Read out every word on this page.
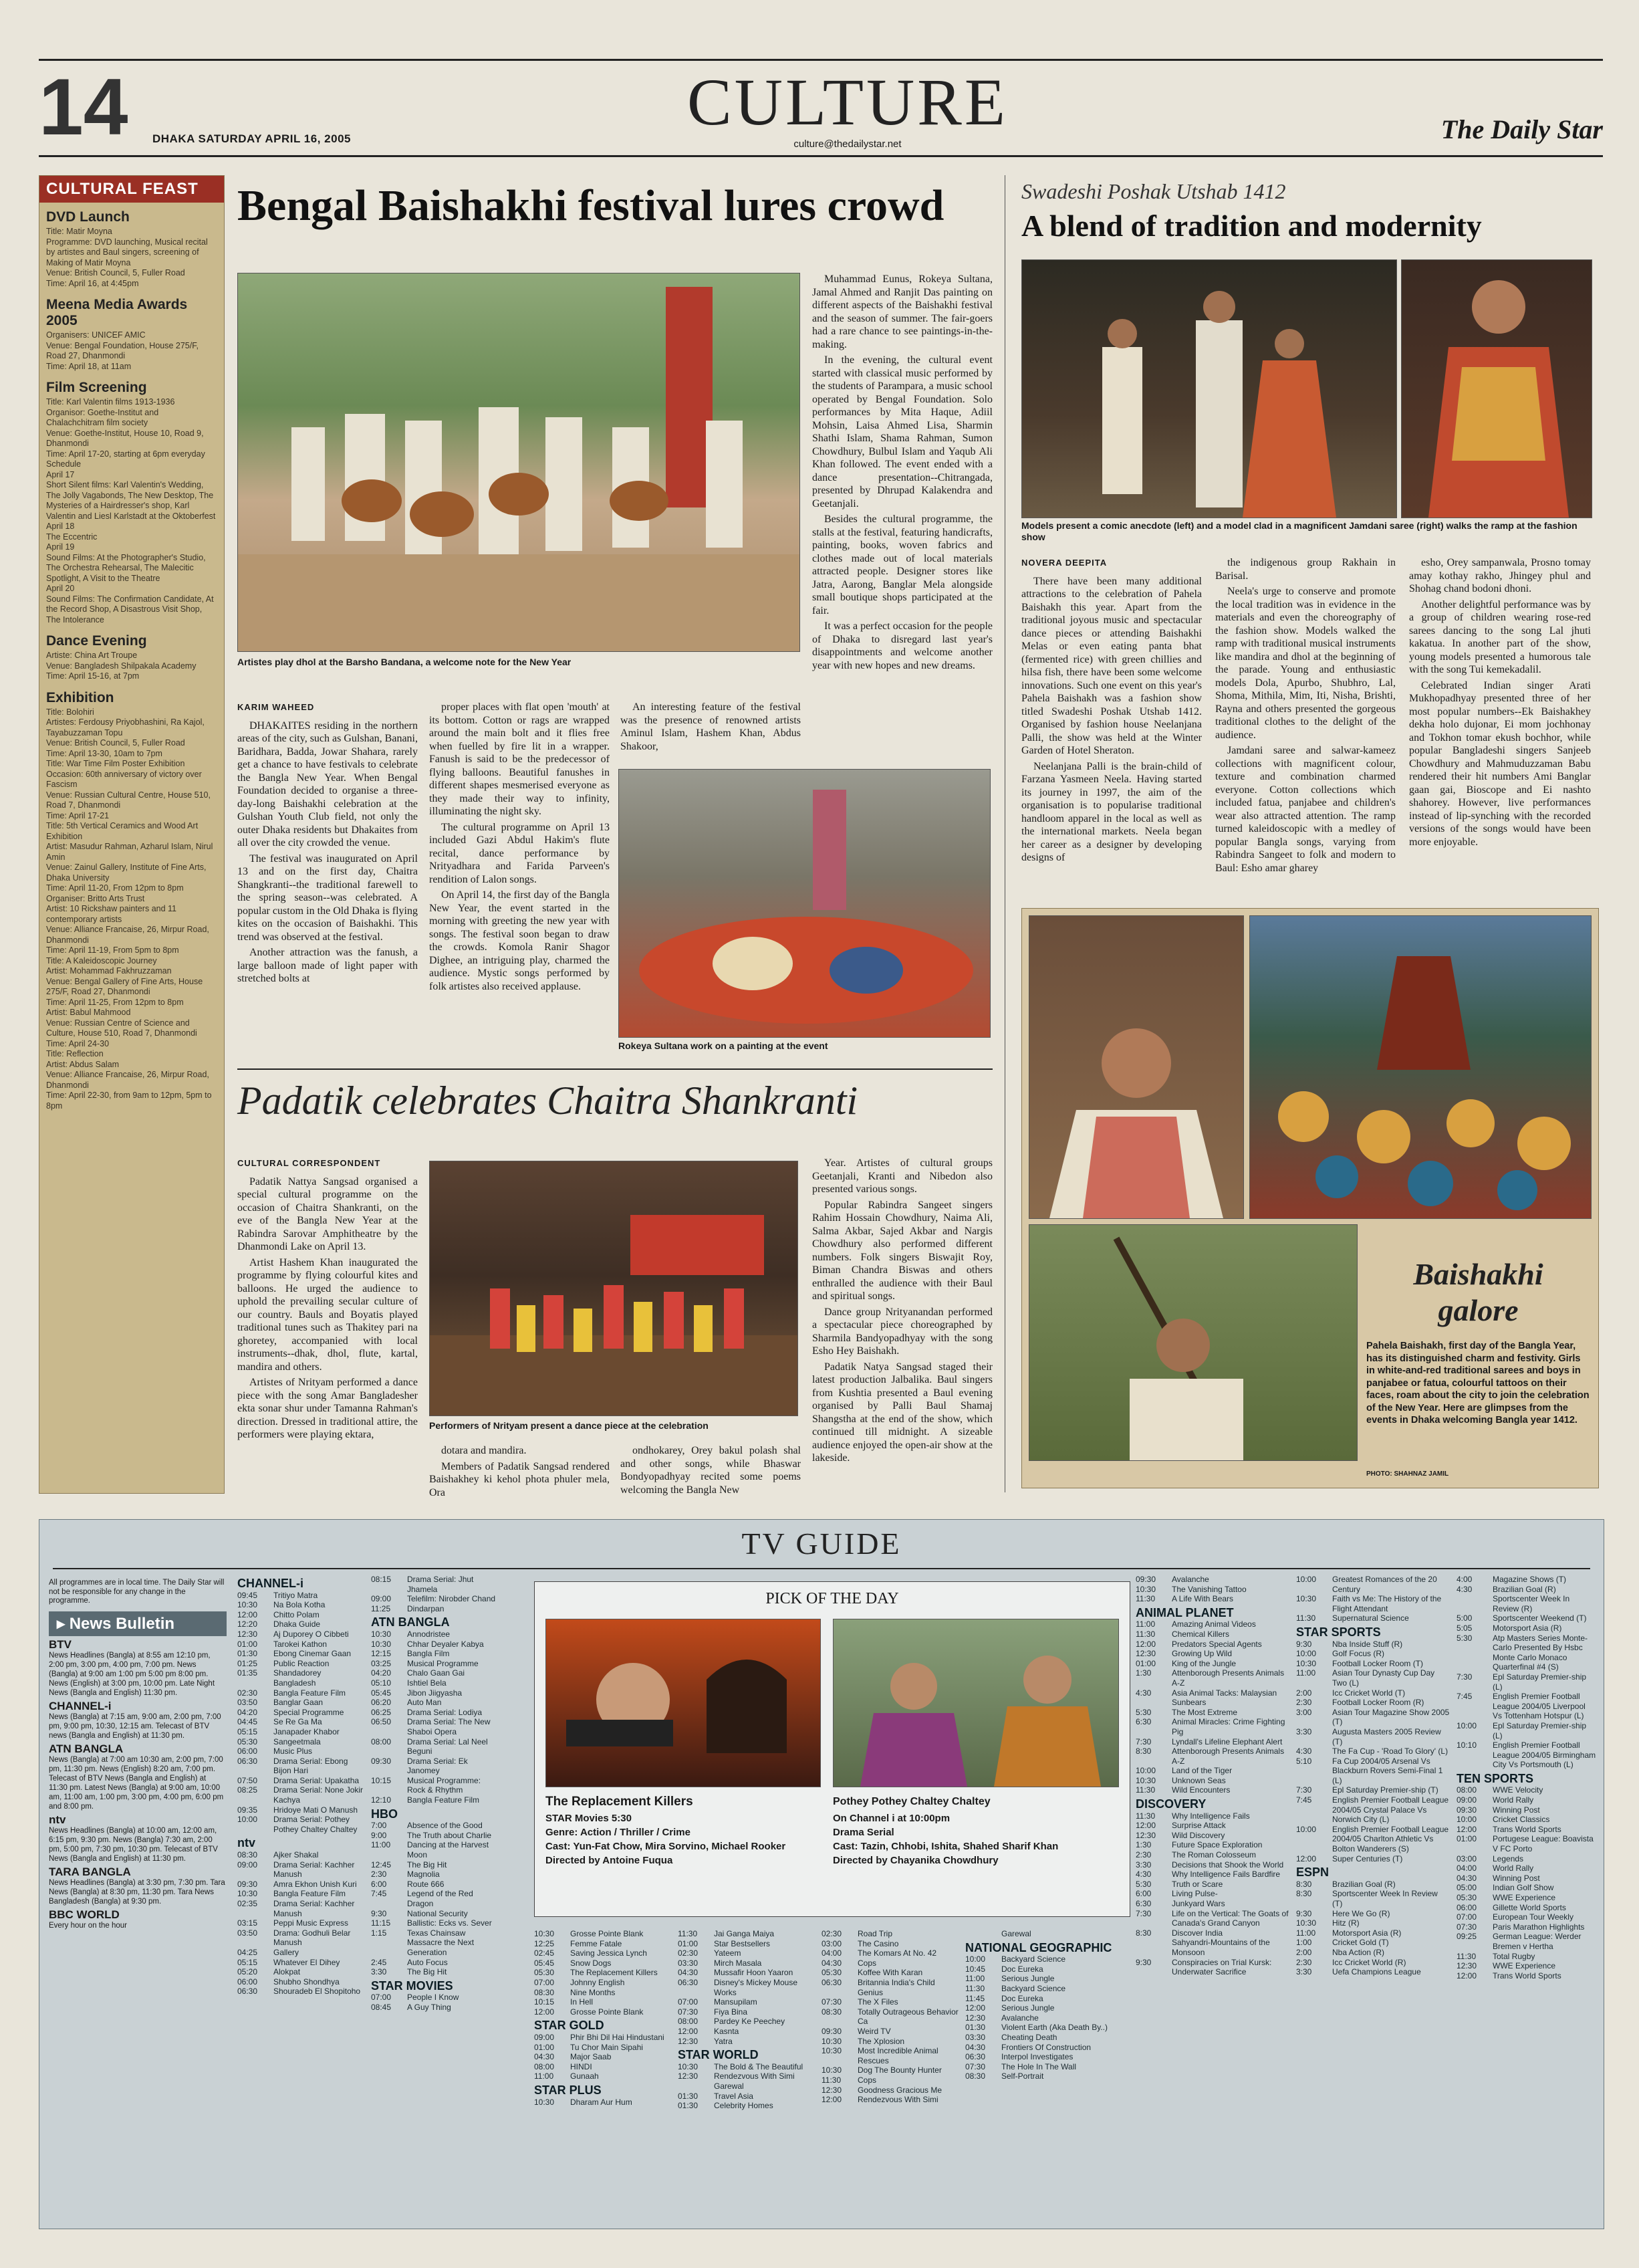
14 DHAKA SATURDAY APRIL 16, 2005	CULTURE
culture@thedailystar.net	The Daily Star
CULTURAL FEAST
DVD Launch
Title: Matir Moyna
Programme: DVD launching, Musical recital by artistes and Baul singers, screening of Making of Matir Moyna
Venue: British Council, 5, Fuller Road
Time: April 16, at 4:45pm
Meena Media Awards 2005
Organisers: UNICEF AMIC
Venue: Bengal Foundation, House 275/F, Road 27, Dhanmondi
Time: April 18, at 11am
Film Screening
Title: Karl Valentin films 1913-1936
Organisor: Goethe-Institut and Chalachchitram film society
Venue: Goethe-Institut, House 10, Road 9, Dhanmondi
Time: April 17-20, starting at 6pm everyday
Schedule
April 17
Short Silent films: Karl Valentin's Wedding, The Jolly Vagabonds, The New Desktop, The Mysteries of a Hairdresser's shop, Karl Valentin and Liesl Karlstadt at the Oktoberfest
April 18
The Eccentric
April 19
Sound Films: At the Photographer's Studio, The Orchestra Rehearsal, The Malecitic Spotlight, A Visit to the Theatre
April 20
Sound Films: The Confirmation Candidate, At the Record Shop, A Disastrous Visit Shop, The Intolerance
Dance Evening
Artiste: China Art Troupe
Venue: Bangladesh Shilpakala Academy
Time: April 15-16, at 7pm
Exhibition
Title: Bolohiri
Artistes: Ferdousy Priyobhashini, Ra Kajol, Tayabuzzaman Topu
Venue: British Council, 5, Fuller Road
Time: April 13-30, 10am to 7pm
Title: War Time Film Poster Exhibition
Occasion: 60th anniversary of victory over Fascism
Venue: Russian Cultural Centre, House 510, Road 7, Dhanmondi
Time: April 17-21
Title: 5th Vertical Ceramics and Wood Art Exhibition
Artist: Masudur Rahman, Azharul Islam, Nirul Amin
Venue: Zainul Gallery, Institute of Fine Arts, Dhaka University
Time: April 11-20, From 12pm to 8pm
Organiser: Britto Arts Trust
Artist: 10 Rickshaw painters and 11 contemporary artists
Venue: Alliance Francaise, 26, Mirpur Road, Dhanmondi
Time: April 11-19, From 5pm to 8pm
Title: A Kaleidoscopic Journey
Artist: Mohammad Fakhruzzaman
Venue: Bengal Gallery of Fine Arts, House 275/F, Road 27, Dhanmondi
Time: April 11-25, From 12pm to 8pm
Artist: Babul Mahmood
Venue: Russian Centre of Science and Culture, House 510, Road 7, Dhanmondi
Time: April 24-30
Title: Reflection
Artist: Abdus Salam
Venue: Alliance Francaise, 26, Mirpur Road, Dhanmondi
Time: April 22-30, from 9am to 12pm, 5pm to 8pm
Bengal Baishakhi festival lures crowd
Artistes play dhol at the Barsho Bandana, a welcome note for the New Year
KARIM WAHEED

DHAKAITES residing in the northern areas of the city, such as Gulshan, Banani, Baridhara, Badda, Jowar Shahara, rarely get a chance to have festivals to celebrate the Bangla New Year. When Bengal Foundation decided to organise a three-day-long Baishakhi celebration at the Gulshan Youth Club field, not only the outer Dhaka residents but Dhakaites from all over the city crowded the venue.

The festival was inaugurated on April 13 and on the first day, Chaitra Shangkranti--the traditional farewell to the spring season--was celebrated. A popular custom in the Old Dhaka is flying kites on the occasion of Baishakhi. This trend was observed at the festival.

Another attraction was the fanush, a large balloon made of light paper with stretched bolts at

proper places with flat open 'mouth' at its bottom. Cotton or rags are wrapped around the main bolt and it flies free when fuelled by fire lit in a wrapper. Fanush is said to be the predecessor of flying balloons. Beautiful fanushes in different shapes mesmerised everyone as they made their way to infinity, illuminating the night sky.

The cultural programme on April 13 included Gazi Abdul Hakim's flute recital, dance performance by Nrityadhara and Farida Parveen's rendition of Lalon songs.

On April 14, the first day of the Bangla New Year, the event started in the morning with greeting the new year with songs. The festival soon began to draw the crowds. Komola Ranir Shagor Dighee, an intriguing play, charmed the audience. Mystic songs performed by folk artistes also received applause.

An interesting feature of the festival was the presence of renowned artists Aminul Islam, Hashem Khan, Abdus Shakoor,

Rokeya Sultana work on a painting at the event

Muhammad Eunus, Rokeya Sultana, Jamal Ahmed and Ranjit Das painting on different aspects of the Baishakhi festival and the season of summer. The fair-goers had a rare chance to see paintings-in-the-making.

In the evening, the cultural event started with classical music performed by the students of Parampara, a music school operated by Bengal Foundation. Solo performances by Mita Haque, Adiil Mohsin, Laisa Ahmed Lisa, Sharmin Shathi Islam, Shama Rahman, Sumon Chowdhury, Bulbul Islam and Yaqub Ali Khan followed. The event ended with a dance presentation--Chitrangada, presented by Dhrupad Kalakendra and Geetanjali.

Besides the cultural programme, the stalls at the festival, featuring handicrafts, painting, books, woven fabrics and clothes made out of local materials attracted people. Designer stores like Jatra, Aarong, Banglar Mela alongside small boutique shops participated at the fair.

It was a perfect occasion for the people of Dhaka to disregard last year's disappointments and welcome another year with new hopes and new dreams.

Padatik celebrates Chaitra Shankranti
CULTURAL CORRESPONDENT

Padatik Nattya Sangsad organised a special cultural programme on the occasion of Chaitra Shankranti, on the eve of the Bangla New Year at the Rabindra Sarovar Amphitheatre by the Dhanmondi Lake on April 13.

Artist Hashem Khan inaugurated the programme by flying colourful kites and balloons. He urged the audience to uphold the prevailing secular culture of our country. Bauls and Boyatis played traditional tunes such as Thakitey pari na ghoretey, accompanied with local instruments--dhak, dhol, flute, kartal, mandira and others.

Artistes of Nrityam performed a dance piece with the song Amar Bangladesher ekta sonar shur under Tamanna Rahman's direction. Dressed in traditional attire, the performers were playing ektara,

Performers of Nrityam present a dance piece at the celebration

dotara and mandira.

Members of Padatik Sangsad rendered Baishakhey ki kehol phota phuler mela, Ora

ondhokarey, Orey bakul polash shal and other songs, while Bhaswar Bondyopadhyay recited some poems welcoming the Bangla New

Year. Artistes of cultural groups Geetanjali, Kranti and Nibedon also presented various songs.

Popular Rabindra Sangeet singers Rahim Hossain Chowdhury, Naima Ali, Salma Akbar, Sajed Akbar and Nargis Chowdhury also performed different numbers. Folk singers Biswajit Roy, Biman Chandra Biswas and others enthralled the audience with their Baul and spiritual songs.

Dance group Nrityanandan performed a spectacular piece choreographed by Sharmila Bandyopadhyay with the song Esho Hey Baishakh.

Padatik Natya Sangsad staged their latest production Jalbalika. Baul singers from Kushtia presented a Baul evening organised by Palli Baul Shamaj Shangstha at the end of the show, which continued till midnight. A sizeable audience enjoyed the open-air show at the lakeside.

Swadeshi Poshak Utshab 1412
A blend of tradition and modernity
Models present a comic anecdote (left) and a model clad in a magnificent Jamdani saree (right) walks the ramp at the fashion show
NOVERA DEEPITA

There have been many additional attractions to the celebration of Pahela Baishakh this year. Apart from the traditional joyous music and spectacular dance pieces or attending Baishakhi Melas or even eating panta bhat (fermented rice) with green chillies and hilsa fish, there have been some welcome innovations. Such one event on this year's Pahela Baishakh was a fashion show titled Swadeshi Poshak Utshab 1412. Organised by fashion house Neelanjana Palli, the show was held at the Winter Garden of Hotel Sheraton.

Neelanjana Palli is the brain-child of Farzana Yasmeen Neela. Having started its journey in 1997, the aim of the organisation is to popularise traditional handloom apparel in the local as well as the international markets. Neela began her career as a designer by developing designs of

the indigenous group Rakhain in Barisal.

Neela's urge to conserve and promote the local tradition was in evidence in the materials and even the choreography of the fashion show. Models walked the ramp with traditional musical instruments like mandira and dhol at the beginning of the parade. Young and enthusiastic models Dola, Apurbo, Shubhro, Lal, Shoma, Mithila, Mim, Iti, Nisha, Brishti, Rayna and others presented the gorgeous traditional clothes to the delight of the audience.

Jamdani saree and salwar-kameez collections with magnificent colour, texture and combination charmed everyone. Cotton collections which included fatua, panjabee and children's wear also attracted attention. The ramp turned kaleidoscopic with a medley of popular Bangla songs, varying from Rabindra Sangeet to folk and modern to Baul: Esho amar gharey

esho, Orey sampanwala, Prosno tomay amay kothay rakho, Jhingey phul and Shohag chand bodoni dhoni.

Another delightful performance was by a group of children wearing rose-red sarees dancing to the song Lal jhuti kakatua. In another part of the show, young models presented a humorous tale with the song Tui kemekadalil.

Celebrated Indian singer Arati Mukhopadhyay presented three of her most popular numbers--Ek Baishakhey dekha holo dujonar, Ei mom jochhonay and Tokhon tomar ekush bochhor, while popular Bangladeshi singers Sanjeeb Chowdhury and Mahmuduzzaman Babu rendered their hit numbers Ami Banglar gaan gai, Bioscope and Ei nashto shahorey. However, live performances instead of lip-synching with the recorded versions of the songs would have been more enjoyable.

Baishakhi
galore
Pahela Baishakh, first day of the Bangla Year, has its distinguished charm and festivity. Girls in white-and-red traditional sarees and boys in panjabee or fatua, colourful tattoos on their faces, roam about the city to join the celebration of the New Year. Here are glimpses from the events in Dhaka welcoming Bangla year 1412.
PHOTO: SHAHNAZ JAMIL
TV GUIDE
All programmes are in local time. The Daily Star will not be responsible for any change in the programme.
▸ News Bulletin
BTV
News Headlines (Bangla) at 8:55 am 12:10 pm, 2:00 pm, 3:00 pm, 4:00 pm, 7:00 pm. News (Bangla) at 9:00 am 1:00 pm 5:00 pm 8:00 pm. News (English) at 3:00 pm, 10:00 pm. Late Night News (Bangla and English) 11:30 pm.
CHANNEL-i
News (Bangla) at 7:15 am, 9:00 am, 2:00 pm, 7:00 pm, 9:00 pm, 10:30, 12:15 am. Telecast of BTV news (Bangla and English) at 11:30 pm.
ATN BANGLA
News (Bangla) at 7:00 am 10:30 am, 2:00 pm, 7:00 pm, 11:30 pm. News (English) 8:20 am, 7:00 pm. Telecast of BTV News (Bangla and English) at 11:30 pm. Latest News (Bangla) at 9:00 am, 10:00 am, 11:00 am, 1:00 pm, 3:00 pm, 4:00 pm, 6:00 pm and 8:00 pm.
ntv
News Headlines (Bangla) at 10:00 am, 12:00 am, 6:15 pm, 9:30 pm. News (Bangla) 7:30 am, 2:00 pm, 5:00 pm, 7:30 pm, 10:30 pm. Telecast of BTV News (Bangla and English) at 11:30 pm.
TARA BANGLA
News Headlines (Bangla) at 3:30 pm, 7:30 pm. Tara News (Bangla) at 8:30 pm, 11:30 pm. Tara News Bangladesh (Bangla) at 9:30 pm.
BBC WORLD
Every hour on the hour
CHANNEL-i
09:45	Tritiyo Matra
10:30	Na Bola Kotha
12:00	Chitto Polam
12:20	Dhaka Guide
12:30	Aj Duporey O Cibbeti
01:00	Tarokei Kathon
01:30	Ebong Cinemar Gaan
01:25	Public Reaction
01:35	Shandadorey Bangladesh
02:30	Bangla Feature Film
03:50	Banglar Gaan
04:20	Special Programme
04:45	Se Re Ga Ma
05:15	Janapader Khabor
05:30	Sangeetmala
06:00	Music Plus
06:30	Drama Serial: Ebong Bijon Hari
07:50	Drama Serial: Upakatha
08:25	Drama Serial: None Jokir Kachya
09:35	Hridoye Mati O Manush
10:00	Drama Serial: Pothey Pothey Chaltey Chaltey
ntv
08:30	Ajker Shakal
09:00	Drama Serial: Kachher Manush
09:30	Amra Ekhon Unish Kuri
10:30	Bangla Feature Film
02:35	Drama Serial: Kachher Manush
03:15	Peppi Music Express
03:50	Drama: Godhuli Belar Manush
04:25	Gallery
05:15	Whatever El Dihey
05:20	Alokpat
06:00	Shubho Shondhya
06:30	Shouradeb El Shopitoho
08:15	Drama Serial: Jhut Jhamela
09:00	Telefilm: Nirobder Chand
11:25	Dindarpan
ATN BANGLA
10:30	Annodristee
10:30	Chhar Deyaler Kabya
12:15	Bangla Film
03:25	Musical Programme
04:20	Chalo Gaan Gai
05:10	Ishtiel Bela
05:45	Jibon Jiigyasha
06:20	Auto Man
06:25	Drama Serial: Lodiya
06:50	Drama Serial: The New Shaboi Opera
08:00	Drama Serial: Lal Neel Beguni
09:30	Drama Serial: Ek Janomey
10:15	Musical Programme: Rock & Rhythm
12:10	Bangla Feature Film
HBO
7:00	Absence of the Good
9:00	The Truth about Charlie
11:00	Dancing at the Harvest Moon
12:45	The Big Hit
2:30	Magnolia
6:00	Route 666
7:45	Legend of the Red Dragon
9:30	National Security
11:15	Ballistic: Ecks vs. Sever
1:15	Texas Chainsaw Massacre the Next Generation
2:45	Auto Focus
3:30	The Big Hit
STAR MOVIES
07:00	People I Know
08:45	A Guy Thing
PICK OF THE DAY
The Replacement Killers
STAR Movies 5:30
Genre: Action / Thriller / Crime
Cast: Yun-Fat Chow, Mira Sorvino, Michael Rooker
Directed by Antoine Fuqua
Pothey Pothey Chaltey Chaltey
On Channel i at 10:00pm
Drama Serial
Cast: Tazin, Chhobi, Ishita, Shahed Sharif Khan
Directed by Chayanika Chowdhury
10:30	Grosse Pointe Blank
12:25	Femme Fatale
02:45	Saving Jessica Lynch
05:45	Snow Dogs
05:30	The Replacement Killers
07:00	Johnny English
08:30	Nine Months
10:15	In Hell
12:00	Grosse Pointe Blank
STAR GOLD
09:00	Phir Bhi Dil Hai Hindustani
01:00	Tu Chor Main Sipahi
04:30	Major Saab
08:00	HINDI
11:00	Gunaah
STAR PLUS
10:30	Dharam Aur Hum
11:30	Jai Ganga Maiya
01:00	Star Bestsellers
02:30	Yateem
03:30	Mirch Masala
04:30	Mussafir Hoon Yaaron
06:30	Disney's Mickey Mouse Works
07:00	Mansupilam
07:30	Fiya Bina
08:00	Pardey Ke Peechey
12:00	Kasnta
12:30	Yatra
STAR WORLD
10:30	The Bold & The Beautiful
12:30	Rendezvous With Simi Garewal
01:30	Travel Asia
01:30	Celebrity Homes
02:30	Road Trip
03:00	The Casino
04:00	The Komars At No. 42
04:30	Cops
05:30	Koffee With Karan
06:30	Britannia India's Child Genius
07:30	The X Files
08:30	Totally Outrageous Behavior Ca
09:30	Weird TV
10:30	The Xplosion
10:30	Most Incredible Animal Rescues
10:30	Dog The Bounty Hunter
11:30	Cops
12:30	Goodness Gracious Me
12:00	Rendezvous With Simi
Garewal
NATIONAL GEOGRAPHIC
10:00	Backyard Science
10:45	Doc Eureka
11:00	Serious Jungle
11:30	Backyard Science
11:45	Doc Eureka
12:00	Serious Jungle
12:30	Avalanche
01:30	Violent Earth (Aka Death By..)
03:30	Cheating Death
04:30	Frontiers Of Construction
06:30	Interpol Investigates
07:30	The Hole In The Wall
08:30	Self-Portrait
09:30	Avalanche
10:30	The Vanishing Tattoo
11:30	A Life With Bears
ANIMAL PLANET
11:00	Amazing Animal Videos
11:30	Chemical Killers
12:00	Predators Special Agents
12:30	Growing Up Wild
01:00	King of the Jungle
1:30	Attenborough Presents Animals A-Z
4:30	Asia Animal Tacks: Malaysian Sunbears
5:30	The Most Extreme
6:30	Animal Miracles: Crime Fighting Pig
7:30	Lyndall's Lifeline Elephant Alert
8:30	Attenborough Presents Animals A-Z
10:00	Land of the Tiger
10:30	Unknown Seas
11:30	Wild Encounters
DISCOVERY
11:30	Why Intelligence Fails
12:00	Surprise Attack
12:30	Wild Discovery
1:30	Future Space Exploration
2:30	The Roman Colosseum
3:30	Decisions that Shook the World
4:30	Why Intelligence Fails Bardfire
5:30	Truth or Scare
6:00	Living Pulse-
6:30	Junkyard Wars
7:30	Life on the Vertical: The Goats of Canada's Grand Canyon
8:30	Discover India
Sahyandri-Mountains of the Monsoon
9:30	Conspiracies on Trial Kursk: Underwater Sacrifice
10:00	Greatest Romances of the 20 Century
10:30	Faith vs Me: The History of the Flight Attendant
11:30	Supernatural Science
STAR SPORTS
9:30	Nba Inside Stuff (R)
10:00	Golf Focus (R)
10:30	Football Locker Room (T)
11:00	Asian Tour Dynasty Cup Day Two (L)
2:00	Icc Cricket World (T)
2:30	Football Locker Room (R)
3:00	Asian Tour Magazine Show 2005 (T)
3:30	Augusta Masters 2005 Review (T)
4:30	The Fa Cup - 'Road To Glory' (L)
5:10	Fa Cup 2004/05 Arsenal Vs Blackburn Rovers Semi-Final 1 (L)
7:30	Epl Saturday Premier-ship (T)
7:45	English Premier Football League 2004/05 Crystal Palace Vs Norwich City (L)
10:00	English Premier Football League 2004/05 Charlton Athletic Vs Bolton Wanderers (S)
12:00	Super Centuries (T)
ESPN
8:30	Brazilian Goal (R)
8:30	Sportscenter Week In Review (T)
9:30	Here We Go (R)
10:30	Hitz (R)
11:00	Motorsport Asia (R)
1:00	Cricket Gold (T)
2:00	Nba Action (R)
2:30	Icc Cricket World (R)
3:30	Uefa Champions League
4:00	Magazine Shows (T)
4:30	Brazilian Goal (R)
Sportscenter Week In Review (R)
5:00	Sportscenter Weekend (T)
5:05	Motorsport Asia (R)
5:30	Atp Masters Series Monte-Carlo Presented By Hsbc Monte Carlo Monaco Quarterfinal #4 (S)
7:30	Epl Saturday Premier-ship (L)
7:45	English Premier Football League 2004/05 Liverpool Vs Tottenham Hotspur (L)
10:00	Epl Saturday Premier-ship (L)
10:10	English Premier Football League 2004/05 Birmingham City Vs Portsmouth (L)
TEN SPORTS
08:00	WWE Velocity
09:00	World Rally
09:30	Winning Post
10:00	Cricket Classics
12:00	Trans World Sports
01:00	Portugese League: Boavista V FC Porto
03:00	Legends
04:00	World Rally
04:30	Winning Post
05:00	Indian Golf Show
05:30	WWE Experience
06:00	Gillette World Sports
07:00	European Tour Weekly
07:30	Paris Marathon Highlights
09:25	German League: Werder Bremen v Hertha
11:30	Total Rugby
12:30	WWE Experience
12:00	Trans World Sports
